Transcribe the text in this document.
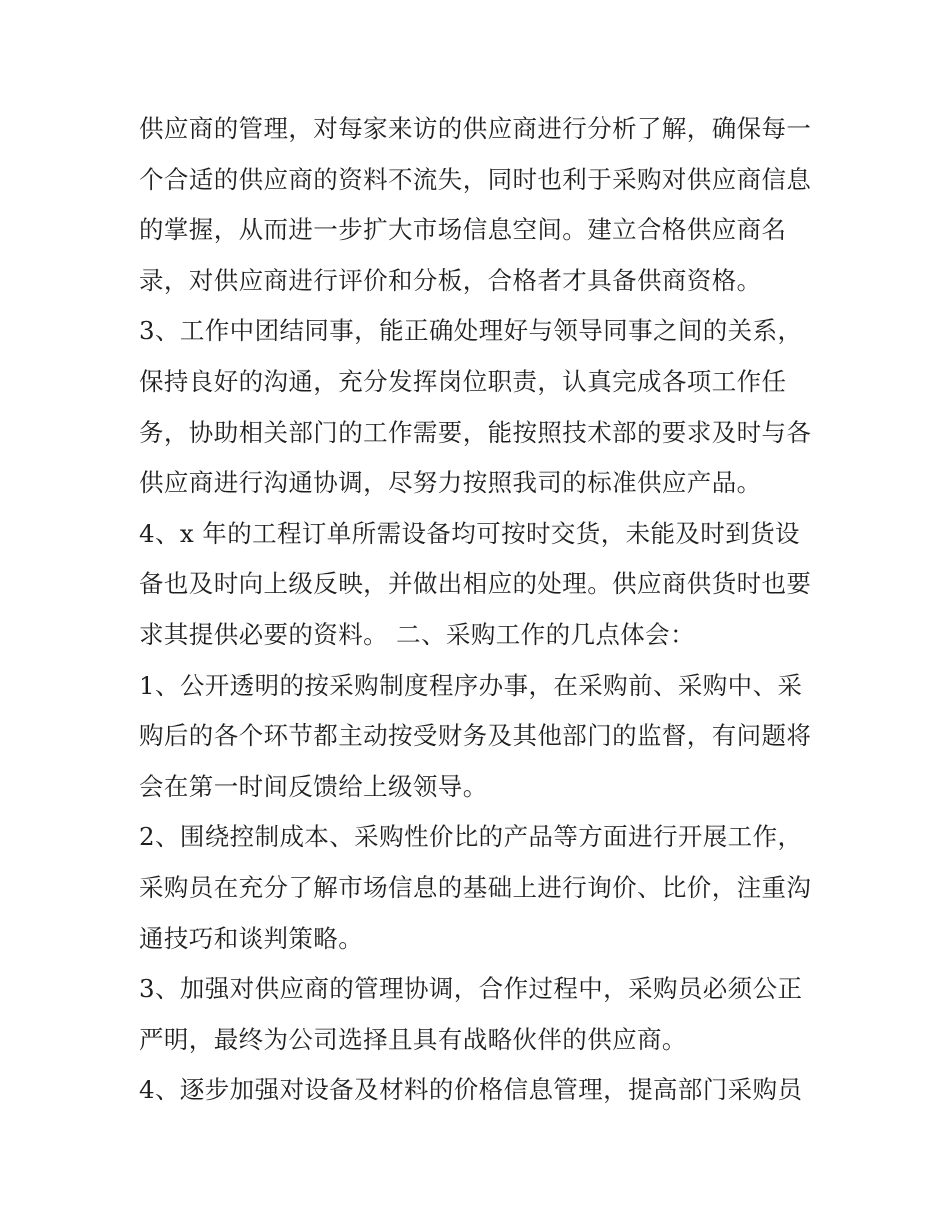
供应商的管理，对每家来访的供应商进行分析了解，确保每一
个合适的供应商的资料不流失，同时也利于采购对供应商信息
的掌握，从而进一步扩大市场信息空间。建立合格供应商名
录，对供应商进行评价和分板，合格者才具备供商资格。
3、工作中团结同事，能正确处理好与领导同事之间的关系，
保持良好的沟通，充分发挥岗位职责，认真完成各项工作任
务，协助相关部门的工作需要，能按照技术部的要求及时与各
供应商进行沟通协调，尽努力按照我司的标准供应产品。
4、x 年的工程订单所需设备均可按时交货，未能及时到货设
备也及时向上级反映，并做出相应的处理。供应商供货时也要
求其提供必要的资料。 二、采购工作的几点体会：
1、公开透明的按采购制度程序办事，在采购前、采购中、采
购后的各个环节都主动按受财务及其他部门的监督，有问题将
会在第一时间反馈给上级领导。
2、围绕控制成本、采购性价比的产品等方面进行开展工作，
采购员在充分了解市场信息的基础上进行询价、比价，注重沟
通技巧和谈判策略。
3、加强对供应商的管理协调，合作过程中，采购员必须公正
严明，最终为公司选择且具有战略伙伴的供应商。
4、逐步加强对设备及材料的价格信息管理，提高部门采购员
